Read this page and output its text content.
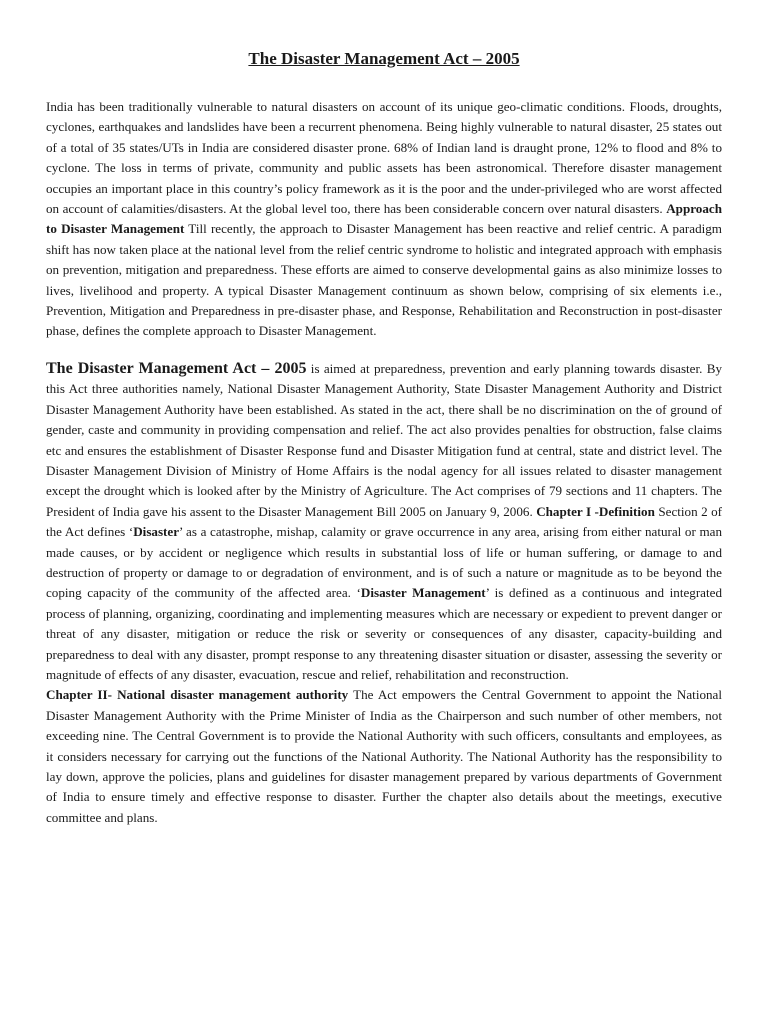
The Disaster Management Act – 2005

India has been traditionally vulnerable to natural disasters on account of its unique geo-climatic conditions. Floods, droughts, cyclones, earthquakes and landslides have been a recurrent phenomena. Being highly vulnerable to natural disaster, 25 states out of a total of 35 states/UTs in India are considered disaster prone. 68% of Indian land is draught prone, 12% to flood and 8% to cyclone. The loss in terms of private, community and public assets has been astronomical. Therefore disaster management occupies an important place in this country’s policy framework as it is the poor and the under-privileged who are worst affected on account of calamities/disasters. At the global level too, there has been considerable concern over natural disasters. Approach to Disaster Management Till recently, the approach to Disaster Management has been reactive and relief centric. A paradigm shift has now taken place at the national level from the relief centric syndrome to holistic and integrated approach with emphasis on prevention, mitigation and preparedness. These efforts are aimed to conserve developmental gains as also minimize losses to lives, livelihood and property. A typical Disaster Management continuum as shown below, comprising of six elements i.e., Prevention, Mitigation and Preparedness in pre-disaster phase, and Response, Rehabilitation and Reconstruction in post-disaster phase, defines the complete approach to Disaster Management.

The Disaster Management Act – 2005 is aimed at preparedness, prevention and early planning towards disaster. By this Act three authorities namely, National Disaster Management Authority, State Disaster Management Authority and District Disaster Management Authority have been established. As stated in the act, there shall be no discrimination on the of ground of gender, caste and community in providing compensation and relief. The act also provides penalties for obstruction, false claims etc and ensures the establishment of Disaster Response fund and Disaster Mitigation fund at central, state and district level. The Disaster Management Division of Ministry of Home Affairs is the nodal agency for all issues related to disaster management except the drought which is looked after by the Ministry of Agriculture. The Act comprises of 79 sections and 11 chapters. The President of India gave his assent to the Disaster Management Bill 2005 on January 9, 2006. Chapter I -Definition Section 2 of the Act defines ‘Disaster’ as a catastrophe, mishap, calamity or grave occurrence in any area, arising from either natural or man made causes, or by accident or negligence which results in substantial loss of life or human suffering, or damage to and destruction of property or damage to or degradation of environment, and is of such a nature or magnitude as to be beyond the coping capacity of the community of the affected area. ‘Disaster Management’ is defined as a continuous and integrated process of planning, organizing, coordinating and implementing measures which are necessary or expedient to prevent danger or threat of any disaster, mitigation or reduce the risk or severity or consequences of any disaster, capacity-building and preparedness to deal with any disaster, prompt response to any threatening disaster situation or disaster, assessing the severity or magnitude of effects of any disaster, evacuation, rescue and relief, rehabilitation and reconstruction.

Chapter II- National disaster management authority The Act empowers the Central Government to appoint the National Disaster Management Authority with the Prime Minister of India as the Chairperson and such number of other members, not exceeding nine. The Central Government is to provide the National Authority with such officers, consultants and employees, as it considers necessary for carrying out the functions of the National Authority. The National Authority has the responsibility to lay down, approve the policies, plans and guidelines for disaster management prepared by various departments of Government of India to ensure timely and effective response to disaster. Further the chapter also details about the meetings, executive committee and plans.
